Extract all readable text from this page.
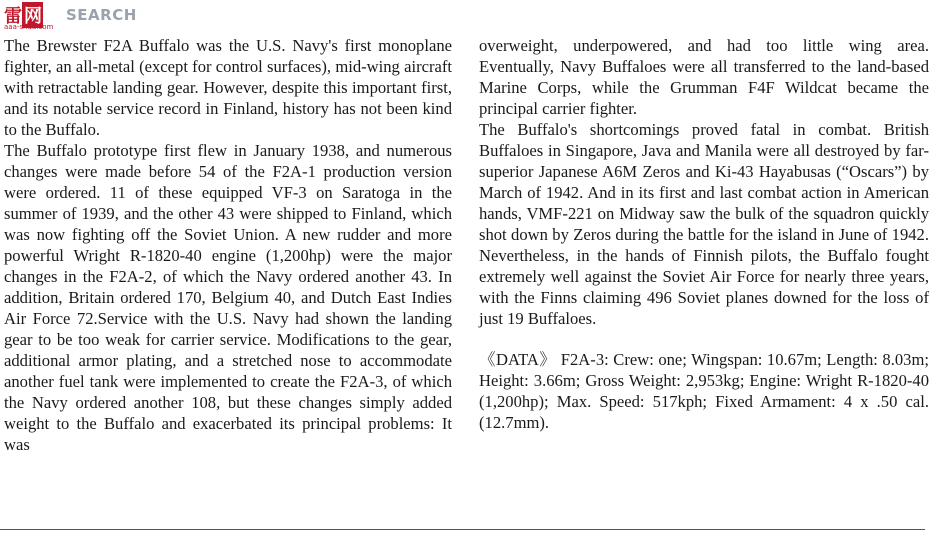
雷 网 SEARCH
aaa-shau.com

The Brewster F2A Buffalo was the U.S. Navy's first monoplane fighter, an all-metal (except for control surfaces), mid-wing aircraft with retractable landing gear. However, despite this important first, and its notable service record in Finland, history has not been kind to the Buffalo.

The Buffalo prototype first flew in January 1938, and numerous changes were made before 54 of the F2A-1 production version were ordered. 11 of these equipped VF-3 on Saratoga in the summer of 1939, and the other 43 were shipped to Finland, which was now fighting off the Soviet Union. A new rudder and more powerful Wright R-1820-40 engine (1,200hp) were the major changes in the F2A-2, of which the Navy ordered another 43. In addition, Britain ordered 170, Belgium 40, and Dutch East Indies Air Force 72.Service with the U.S. Navy had shown the landing gear to be too weak for carrier service. Modifications to the gear, additional armor plating, and a stretched nose to accommodate another fuel tank were implemented to create the F2A-3, of which the Navy ordered another 108, but these changes simply added weight to the Buffalo and exacerbated its principal problems: It was

overweight, underpowered, and had too little wing area. Eventually, Navy Buffaloes were all transferred to the land-based Marine Corps, while the Grumman F4F Wildcat became the principal carrier fighter.

The Buffalo's shortcomings proved fatal in combat. British Buffaloes in Singapore, Java and Manila were all destroyed by far-superior Japanese A6M Zeros and Ki-43 Hayabusas (“Oscars”) by March of 1942. And in its first and last combat action in American hands, VMF-221 on Midway saw the bulk of the squadron quickly shot down by Zeros during the battle for the island in June of 1942. Nevertheless, in the hands of Finnish pilots, the Buffalo fought extremely well against the Soviet Air Force for nearly three years, with the Finns claiming 496 Soviet planes downed for the loss of just 19 Buffaloes.

《DATA》 F2A-3: Crew: one; Wingspan: 10.67m; Length: 8.03m; Height: 3.66m; Gross Weight: 2,953kg; Engine: Wright R-1820-40 (1,200hp); Max. Speed: 517kph; Fixed Armament: 4 x .50 cal. (12.7mm).
